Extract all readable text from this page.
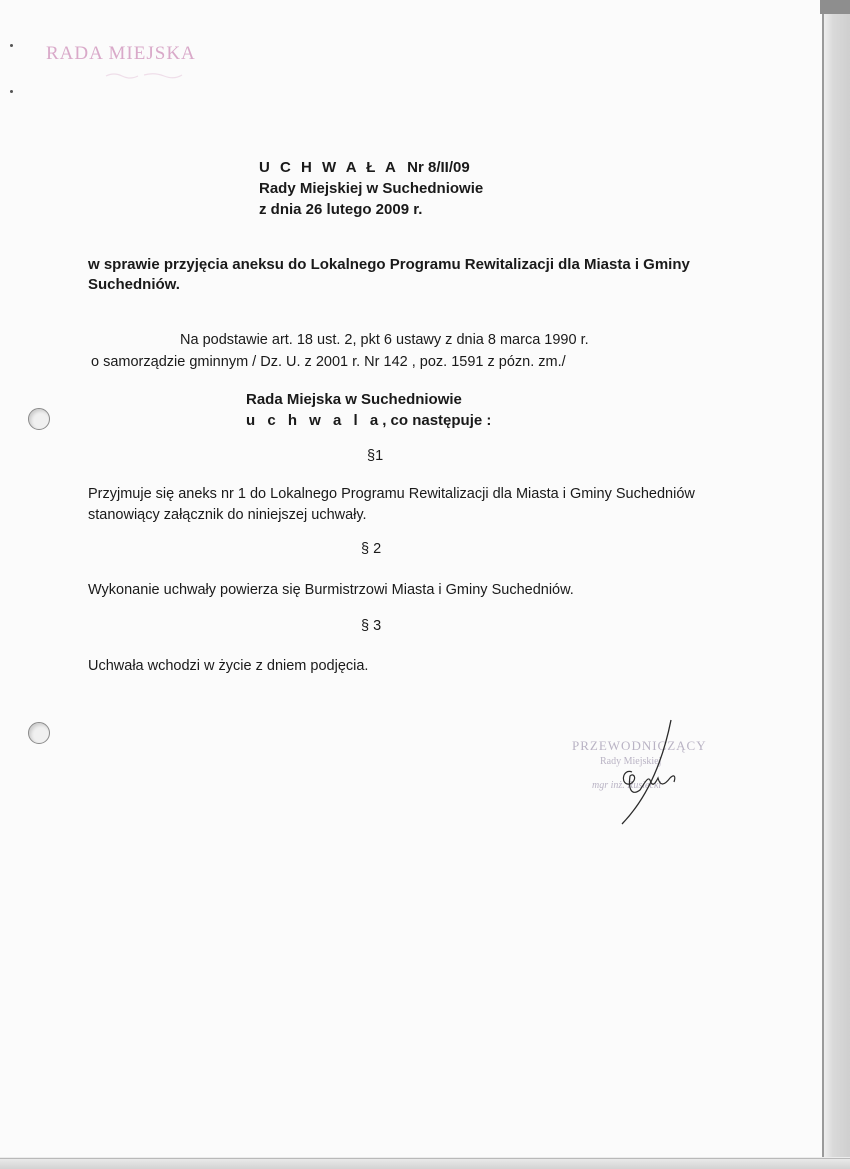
RADA MIEJSKA
U C H W A Ł A Nr 8/II/09
Rady Miejskiej w Suchedniowie
z dnia 26 lutego 2009 r.
w sprawie przyjęcia aneksu do Lokalnego Programu Rewitalizacji dla Miasta i Gminy Suchedniów.
Na podstawie art. 18 ust. 2, pkt 6 ustawy z dnia 8 marca 1990 r.
o samorządzie gminnym / Dz. U. z 2001 r. Nr 142 , poz. 1591 z pózn. zm./
Rada Miejska w Suchedniowie
u c h w a l a, co następuje :
§1
Przyjmuje się aneks nr 1 do Lokalnego Programu Rewitalizacji dla Miasta i Gminy Suchedniów stanowiący załącznik do niniejszej uchwały.
§ 2
Wykonanie uchwały powierza się Burmistrzowi Miasta i Gminy Suchedniów.
§ 3
Uchwała wchodzi w życie z dniem podjęcia.
PRZEWODNICZĄCY
Rady Miejskiej
mgr inż. Rusiecki
